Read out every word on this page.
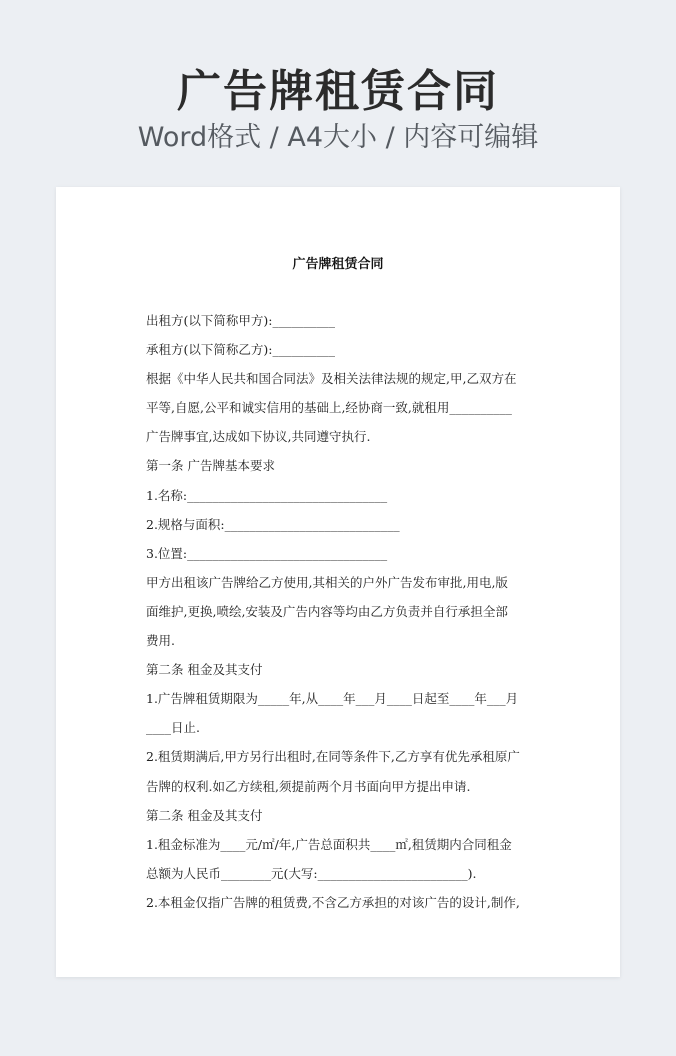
广告牌租赁合同
Word格式 / A4大小 / 内容可编辑
广告牌租赁合同
出租方(以下简称甲方):__________
承租方(以下简称乙方):__________
根据《中华人民共和国合同法》及相关法律法规的规定,甲,乙双方在
平等,自愿,公平和诚实信用的基础上,经协商一致,就租用__________
广告牌事宜,达成如下协议,共同遵守执行.
第一条 广告牌基本要求
1.名称:________________________________
2.规格与面积:____________________________
3.位置:________________________________
甲方出租该广告牌给乙方使用,其相关的户外广告发布审批,用电,版
面维护,更换,喷绘,安装及广告内容等均由乙方负责并自行承担全部
费用.
第二条 租金及其支付
1.广告牌租赁期限为_____年,从____年___月____日起至____年___月
____日止.
2.租赁期满后,甲方另行出租时,在同等条件下,乙方享有优先承租原广
告牌的权利.如乙方续租,须提前两个月书面向甲方提出申请.
第二条 租金及其支付
1.租金标准为____元/㎡/年,广告总面积共____㎡,租赁期内合同租金
总额为人民币________元(大写:________________________).
2.本租金仅指广告牌的租赁费,不含乙方承担的对该广告的设计,制作,
